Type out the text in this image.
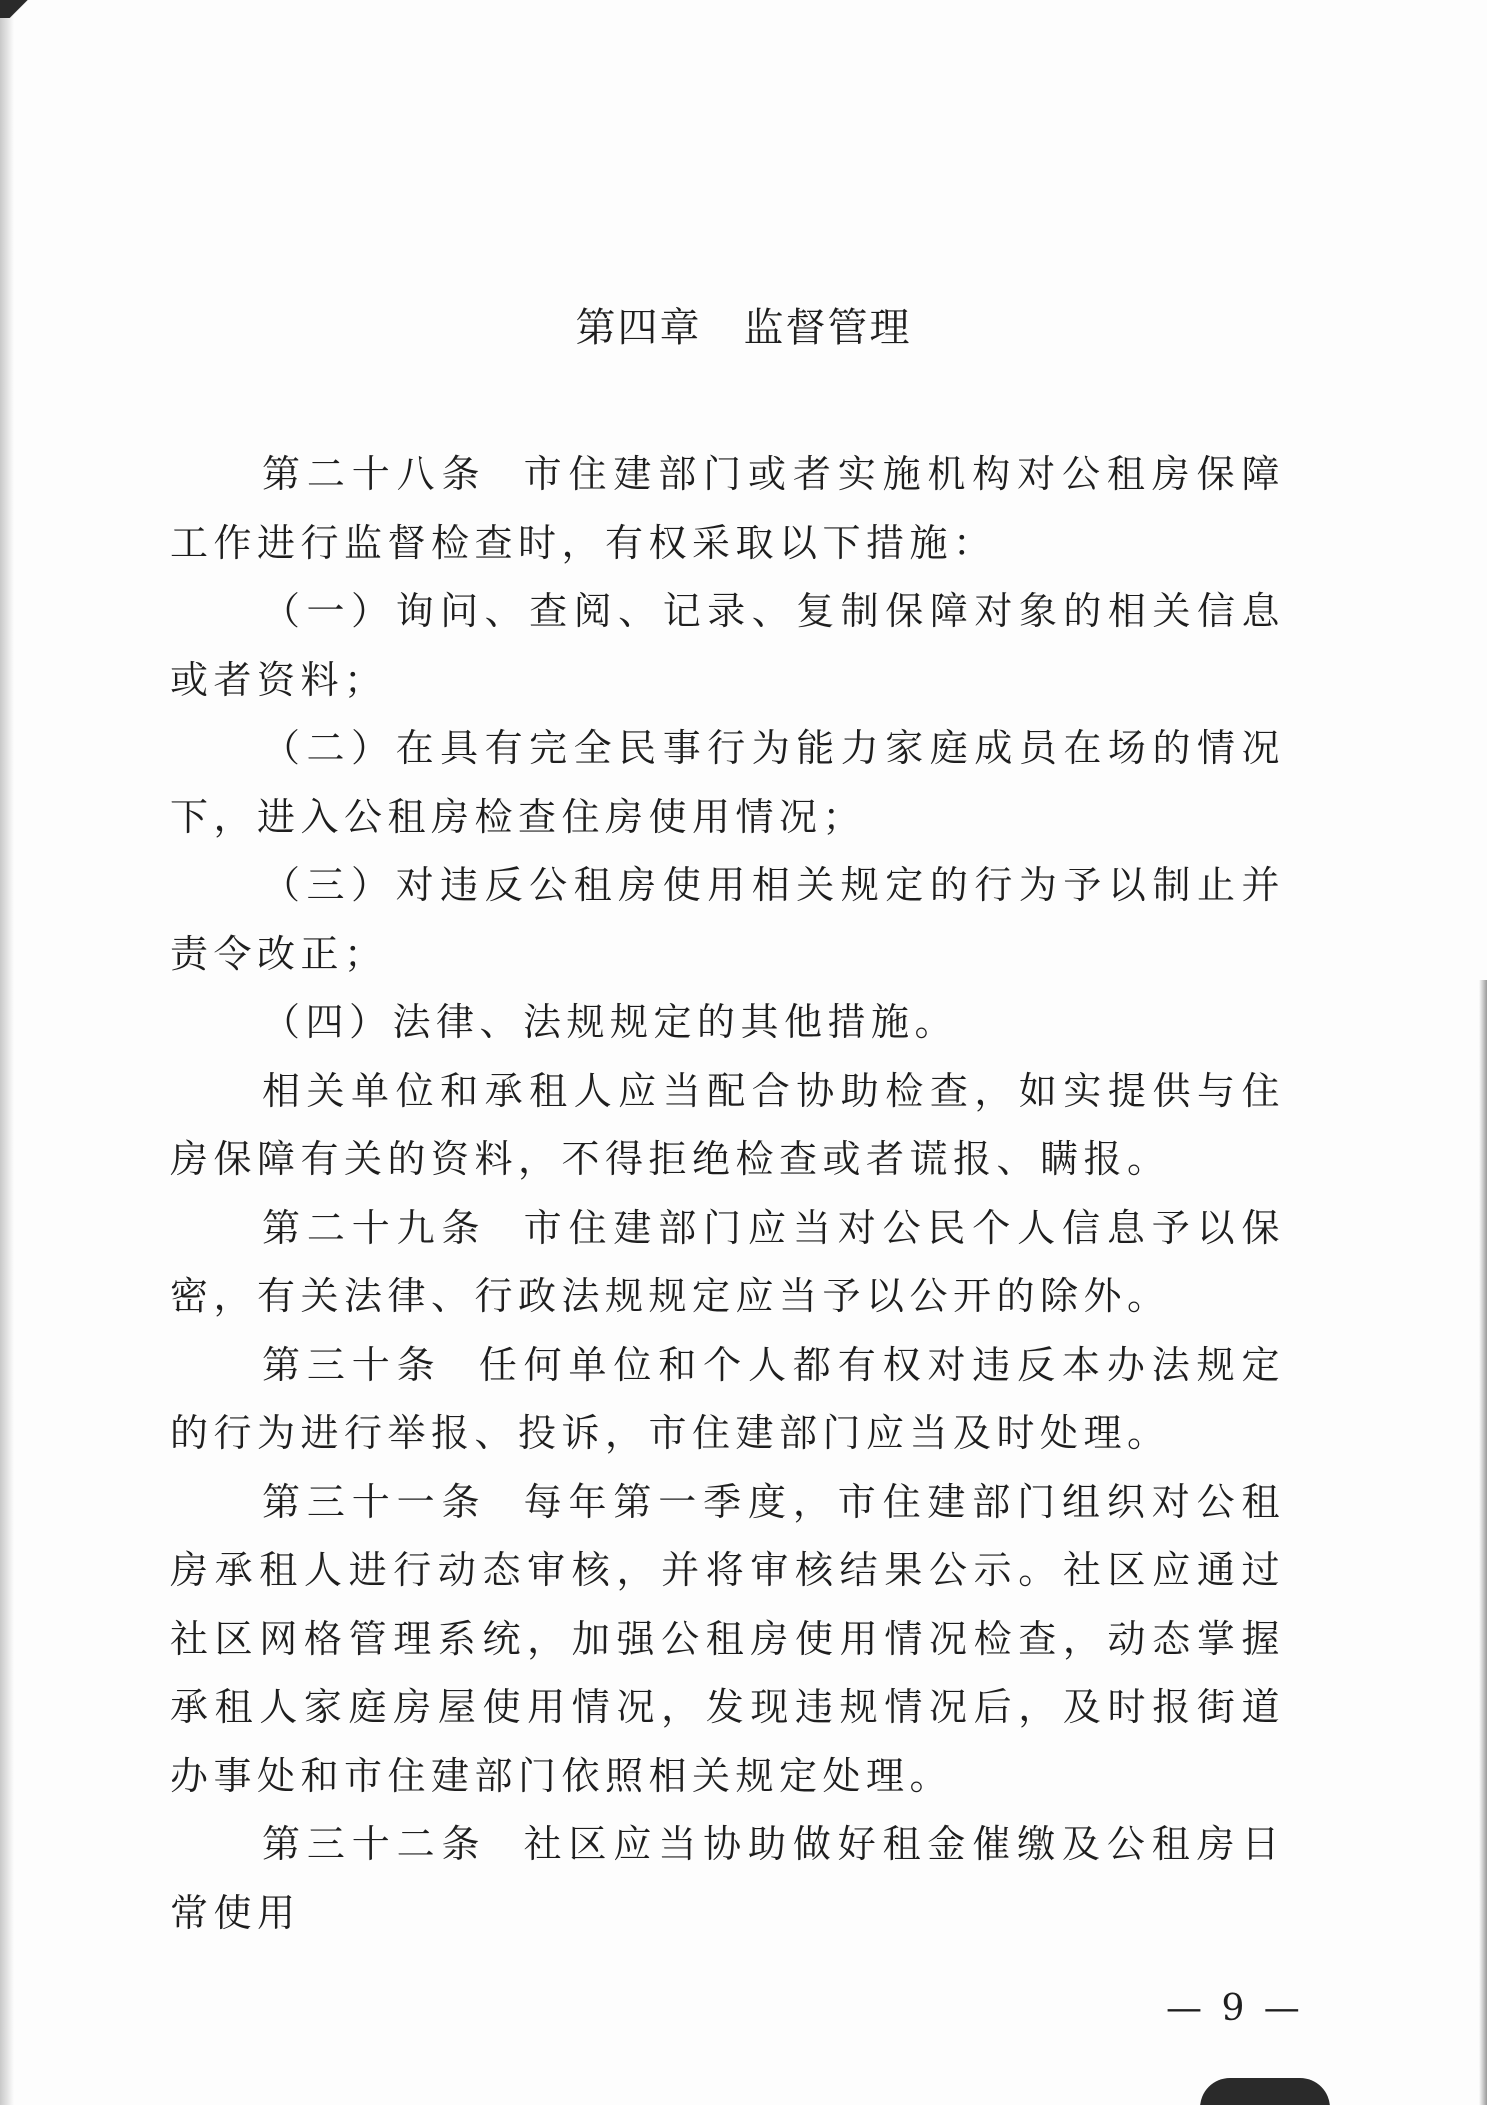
第四章　监督管理

第二十八条 市住建部门或者实施机构对公租房保障工作进行监督检查时，有权采取以下措施：

（一）询问、查阅、记录、复制保障对象的相关信息或者资料；

（二）在具有完全民事行为能力家庭成员在场的情况下，进入公租房检查住房使用情况；

（三）对违反公租房使用相关规定的行为予以制止并责令改正；

（四）法律、法规规定的其他措施。

相关单位和承租人应当配合协助检查，如实提供与住房保障有关的资料，不得拒绝检查或者谎报、瞒报。

第二十九条 市住建部门应当对公民个人信息予以保密，有关法律、行政法规规定应当予以公开的除外。

第三十条 任何单位和个人都有权对违反本办法规定的行为进行举报、投诉，市住建部门应当及时处理。

第三十一条 每年第一季度，市住建部门组织对公租房承租人进行动态审核，并将审核结果公示。社区应通过社区网格管理系统，加强公租房使用情况检查，动态掌握承租人家庭房屋使用情况，发现违规情况后，及时报街道办事处和市住建部门依照相关规定处理。

第三十二条 社区应当协助做好租金催缴及公租房日常使用

— 9 —
